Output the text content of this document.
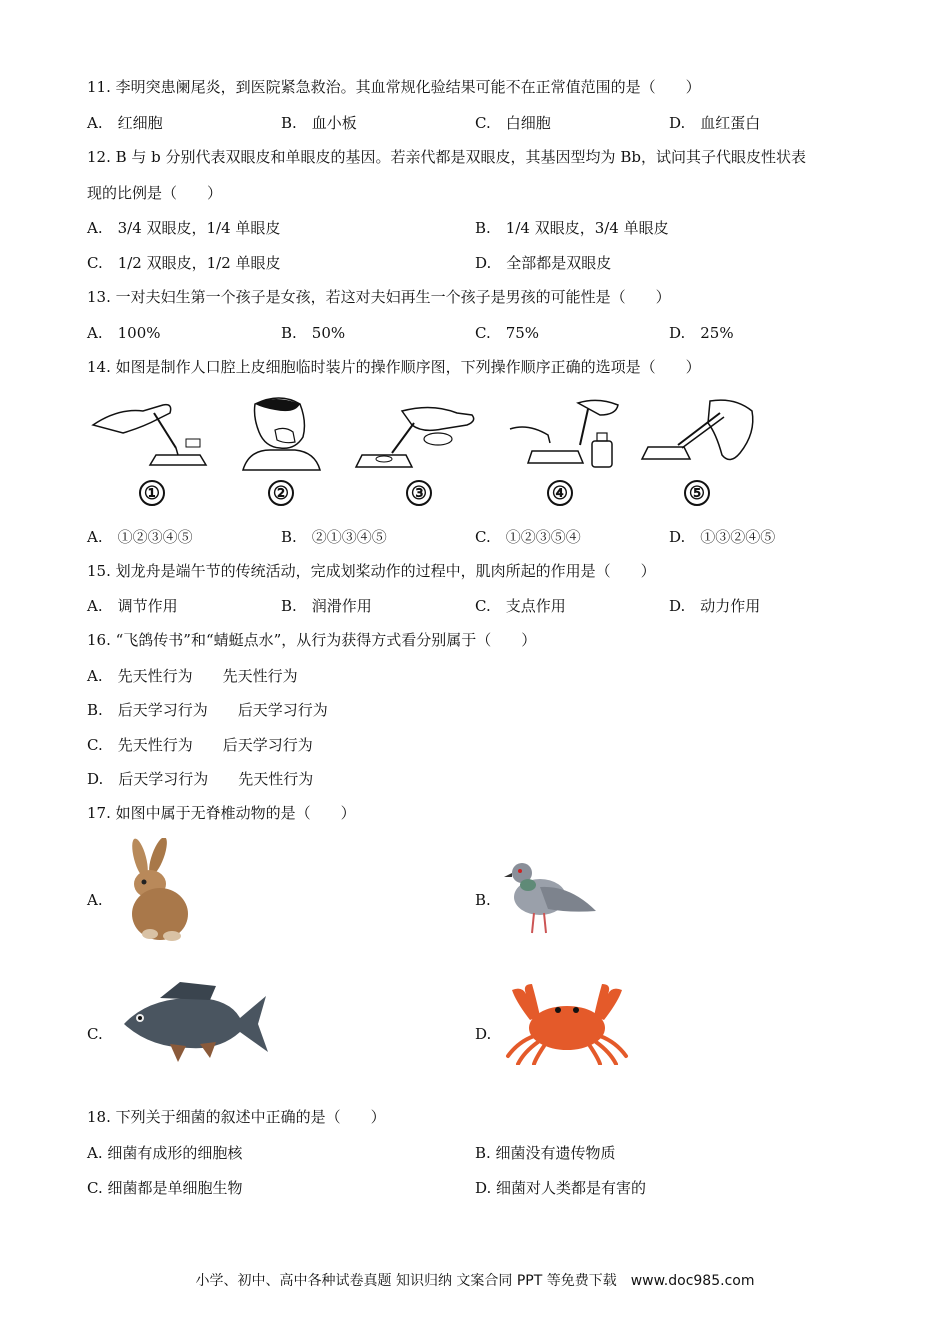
11. 李明突患阑尾炎，到医院紧急救治。其血常规化验结果可能不在正常值范围的是（　　）
A.　红细胞	B.　血小板	C.　白细胞	D.　血红蛋白
12. B 与 b 分别代表双眼皮和单眼皮的基因。若亲代都是双眼皮，其基因型均为 Bb，试问其子代眼皮性状表
现的比例是（　　）
A.　3/4 双眼皮，1/4 单眼皮	B.　1/4 双眼皮，3/4 单眼皮
C.　1/2 双眼皮，1/2 单眼皮	D.　全部都是双眼皮
13. 一对夫妇生第一个孩子是女孩，若这对夫妇再生一个孩子是男孩的可能性是（　　）
A.　100%	B.　50%	C.　75%	D.　25%
14. 如图是制作人口腔上皮细胞临时装片的操作顺序图，下列操作顺序正确的选项是（　　）
①	②	③	④	⑤
A.　①②③④⑤	B.　②①③④⑤	C.　①②③⑤④	D.　①③②④⑤
15. 划龙舟是端午节的传统活动，完成划桨动作的过程中，肌肉所起的作用是（　　）
A.　调节作用	B.　润滑作用	C.　支点作用	D.　动力作用
16. “飞鸽传书”和“蜻蜓点水”，从行为获得方式看分别属于（　　）
A.　先天性行为　　先天性行为
B.　后天学习行为　　后天学习行为
C.　先天性行为　　后天学习行为
D.　后天学习行为　　先天性行为
17. 如图中属于无脊椎动物的是（　　）
A.	B.
C.	D.
18. 下列关于细菌的叙述中正确的是（　　）
A. 细菌有成形的细胞核	B. 细菌没有遗传物质
C. 细菌都是单细胞生物	D. 细菌对人类都是有害的
小学、初中、高中各种试卷真题 知识归纳 文案合同 PPT 等免费下载　www.doc985.com
